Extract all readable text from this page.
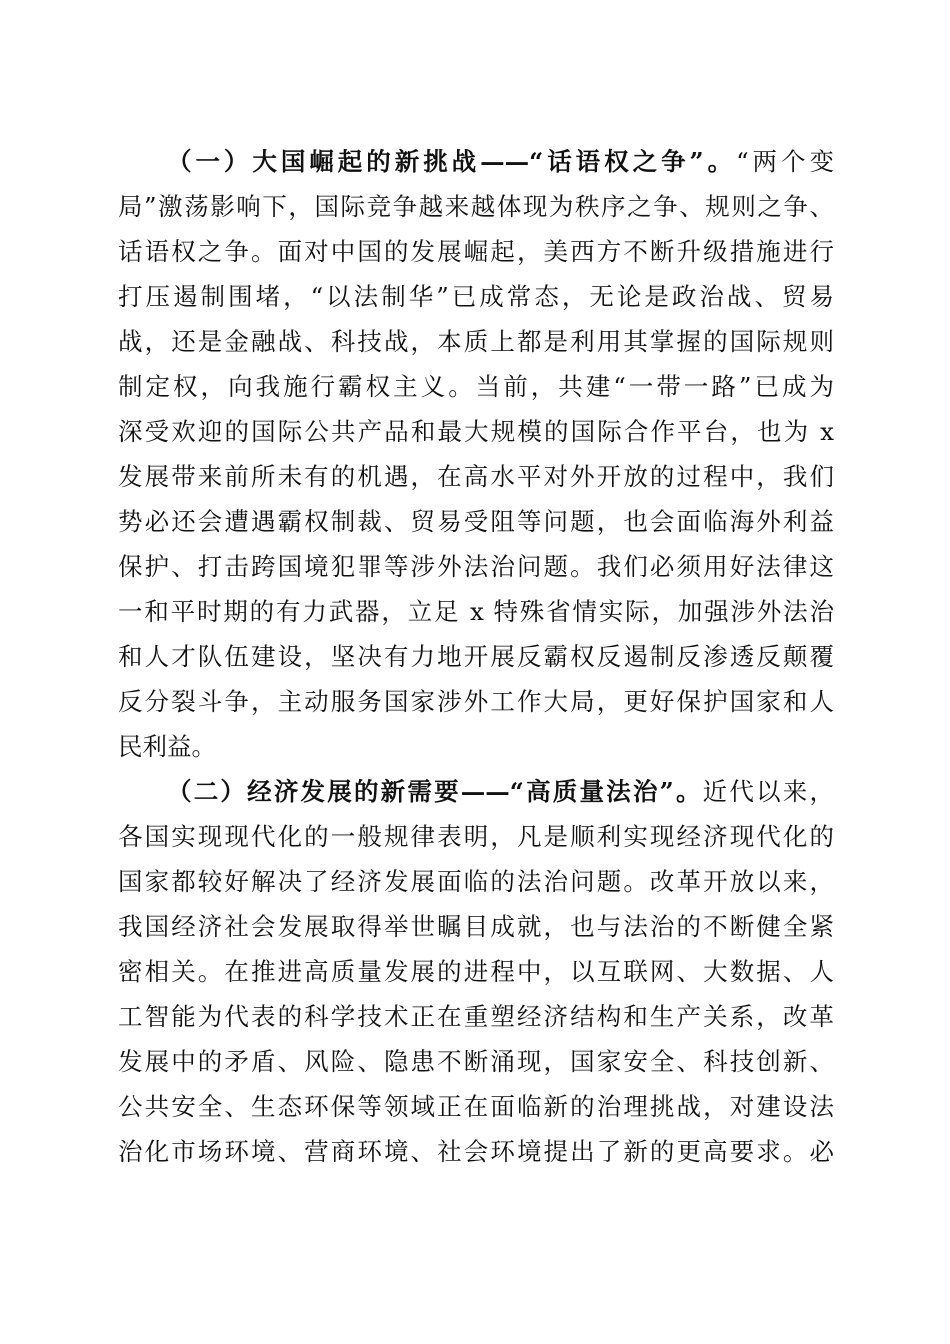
（一）大国崛起的新挑战——“话语权之争”。“两个变
局”激荡影响下，国际竞争越来越体现为秩序之争、规则之争、
话语权之争。面对中国的发展崛起，美西方不断升级措施进行
打压遏制围堵，“以法制华”已成常态，无论是政治战、贸易
战，还是金融战、科技战，本质上都是利用其掌握的国际规则
制定权，向我施行霸权主义。当前，共建“一带一路”已成为
深受欢迎的国际公共产品和最大规模的国际合作平台，也为 x
发展带来前所未有的机遇，在高水平对外开放的过程中，我们
势必还会遭遇霸权制裁、贸易受阻等问题，也会面临海外利益
保护、打击跨国境犯罪等涉外法治问题。我们必须用好法律这
一和平时期的有力武器，立足 x 特殊省情实际，加强涉外法治
和人才队伍建设，坚决有力地开展反霸权反遏制反渗透反颠覆
反分裂斗争，主动服务国家涉外工作大局，更好保护国家和人
民利益。
（二）经济发展的新需要——“高质量法治”。近代以来，
各国实现现代化的一般规律表明，凡是顺利实现经济现代化的
国家都较好解决了经济发展面临的法治问题。改革开放以来，
我国经济社会发展取得举世瞩目成就，也与法治的不断健全紧
密相关。在推进高质量发展的进程中，以互联网、大数据、人
工智能为代表的科学技术正在重塑经济结构和生产关系，改革
发展中的矛盾、风险、隐患不断涌现，国家安全、科技创新、
公共安全、生态环保等领域正在面临新的治理挑战，对建设法
治化市场环境、营商环境、社会环境提出了新的更高要求。必
